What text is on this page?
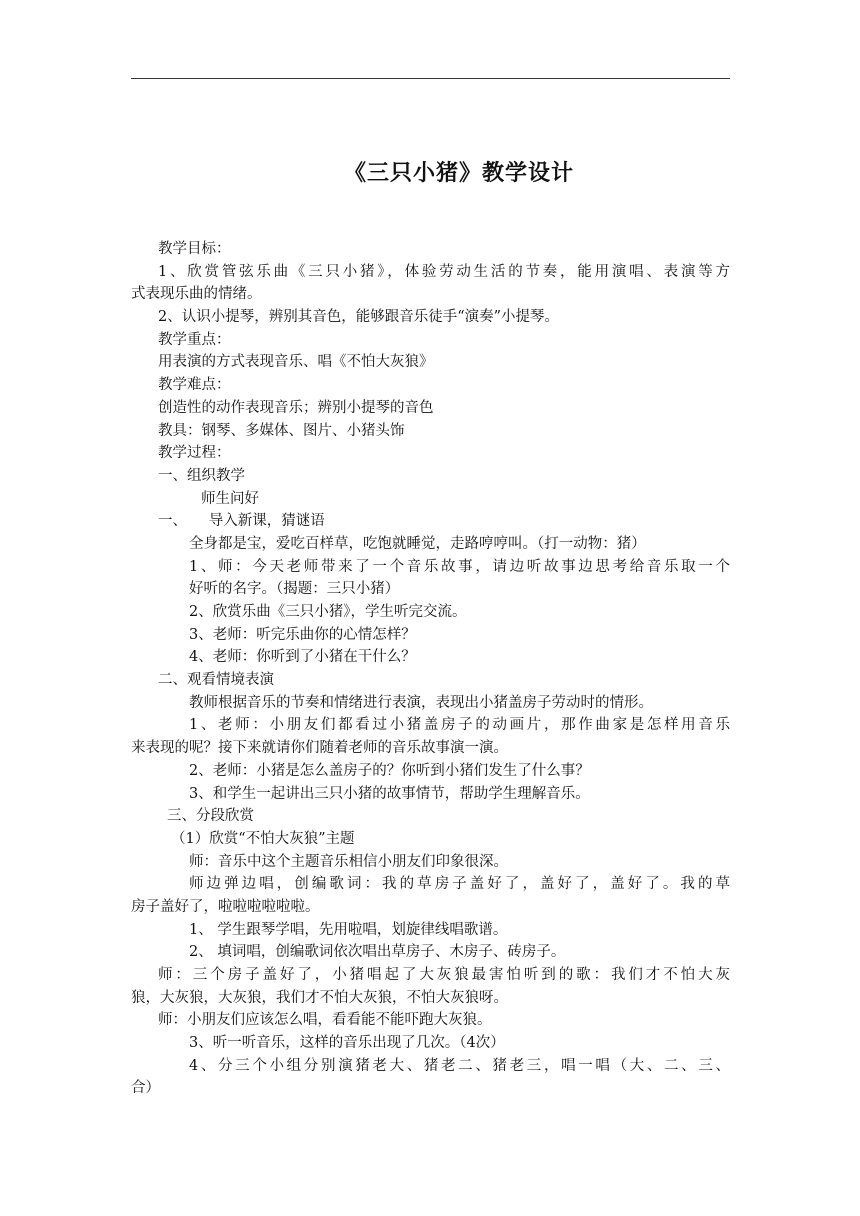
《三只小猪》教学设计
教学目标：
1、欣赏管弦乐曲《三只小猪》，体验劳动生活的节奏，能用演唱、表演等方
式表现乐曲的情绪。
2、认识小提琴，辨别其音色，能够跟音乐徒手“演奏”小提琴。
教学重点：
用表演的方式表现音乐、唱《不怕大灰狼》
教学难点：
创造性的动作表现音乐；辨别小提琴的音色
教具：钢琴、多媒体、图片、小猪头饰
教学过程：
一、组织教学
师生问好
一、　　导入新课，猜谜语
全身都是宝，爱吃百样草，吃饱就睡觉，走路哼哼叫。（打一动物：猪）
1、师：今天老师带来了一个音乐故事，请边听故事边思考给音乐取一个
好听的名字。（揭题：三只小猪）
2、欣赏乐曲《三只小猪》，学生听完交流。
3、老师：听完乐曲你的心情怎样？
4、老师：你听到了小猪在干什么？
二、观看情境表演
教师根据音乐的节奏和情绪进行表演，表现出小猪盖房子劳动时的情形。
1、老师：小朋友们都看过小猪盖房子的动画片，那作曲家是怎样用音乐
来表现的呢？接下来就请你们随着老师的音乐故事演一演。
2、老师：小猪是怎么盖房子的？你听到小猪们发生了什么事？
3、和学生一起讲出三只小猪的故事情节，帮助学生理解音乐。
三、分段欣赏
（1）欣赏“不怕大灰狼”主题
师：音乐中这个主题音乐相信小朋友们印象很深。
师边弹边唱，创编歌词：我的草房子盖好了，盖好了，盖好了。我的草
房子盖好了，啦啦啦啦啦啦。
1、 学生跟琴学唱，先用啦唱，划旋律线唱歌谱。
2、 填词唱，创编歌词依次唱出草房子、木房子、砖房子。
师：三个房子盖好了，小猪唱起了大灰狼最害怕听到的歌：我们才不怕大灰
狼，大灰狼，大灰狼，我们才不怕大灰狼，不怕大灰狼呀。
师：小朋友们应该怎么唱，看看能不能吓跑大灰狼。
3、听一听音乐，这样的音乐出现了几次。（4次）
4、分三个小组分别演猪老大、猪老二、猪老三，唱一唱（大、二、三、
合）
